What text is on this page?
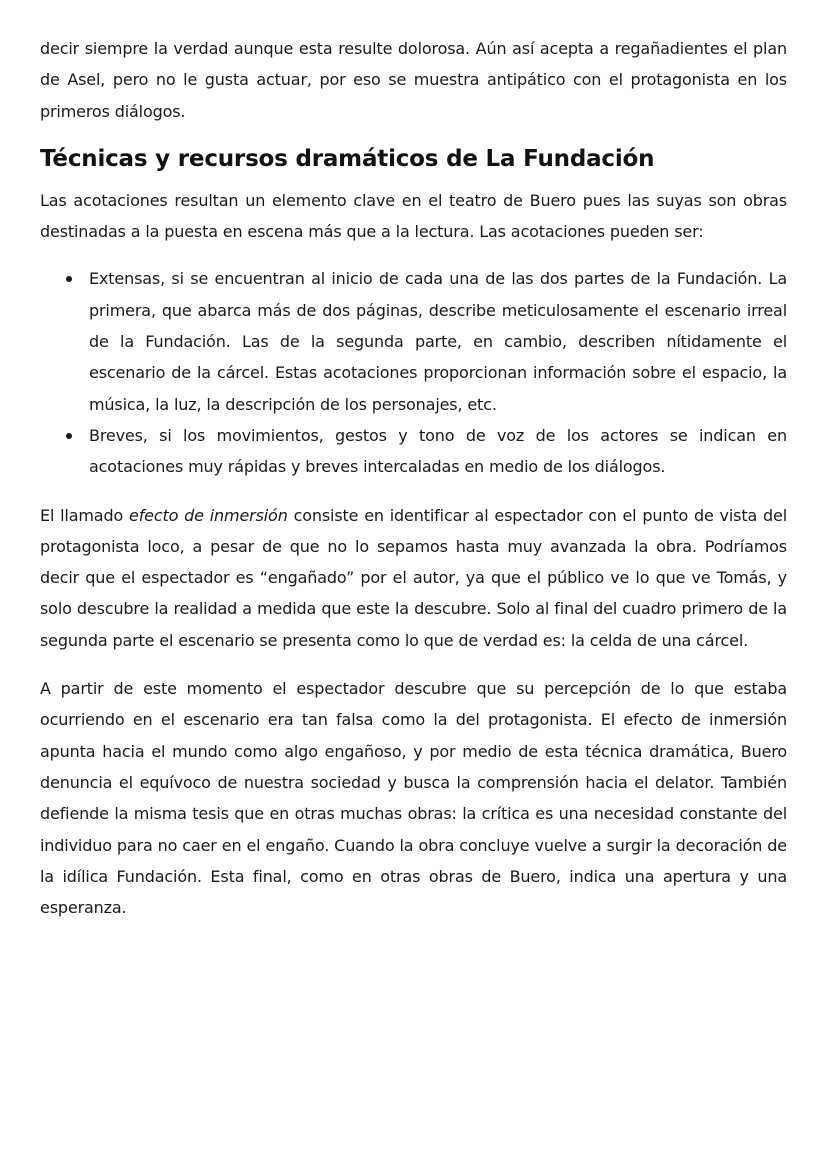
decir siempre la verdad aunque esta resulte dolorosa. Aún así acepta a regañadientes el plan de Asel, pero no le gusta actuar, por eso se muestra antipático con el protagonista en los primeros diálogos.

Técnicas y recursos dramáticos de La Fundación

Las acotaciones resultan un elemento clave en el teatro de Buero pues las suyas son obras destinadas a la puesta en escena más que a la lectura. Las acotaciones pueden ser:

Extensas, si se encuentran al inicio de cada una de las dos partes de la Fundación. La primera, que abarca más de dos páginas, describe meticulosamente el escenario irreal de la Fundación. Las de la segunda parte, en cambio, describen nítidamente el escenario de la cárcel. Estas acotaciones proporcionan información sobre el espacio, la música, la luz, la descripción de los personajes, etc.
Breves, si los movimientos, gestos y tono de voz de los actores se indican en acotaciones muy rápidas y breves intercaladas en medio de los diálogos.

El llamado efecto de inmersión consiste en identificar al espectador con el punto de vista del protagonista loco, a pesar de que no lo sepamos hasta muy avanzada la obra. Podríamos decir que el espectador es “engañado” por el autor, ya que el público ve lo que ve Tomás, y solo descubre la realidad a medida que este la descubre. Solo al final del cuadro primero de la segunda parte el escenario se presenta como lo que de verdad es: la celda de una cárcel.

A partir de este momento el espectador descubre que su percepción de lo que estaba ocurriendo en el escenario era tan falsa como la del protagonista. El efecto de inmersión apunta hacia el mundo como algo engañoso, y por medio de esta técnica dramática, Buero denuncia el equívoco de nuestra sociedad y busca la comprensión hacia el delator. También defiende la misma tesis que en otras muchas obras: la crítica es una necesidad constante del individuo para no caer en el engaño. Cuando la obra concluye vuelve a surgir la decoración de la idílica Fundación. Esta final, como en otras obras de Buero, indica una apertura y una esperanza.
